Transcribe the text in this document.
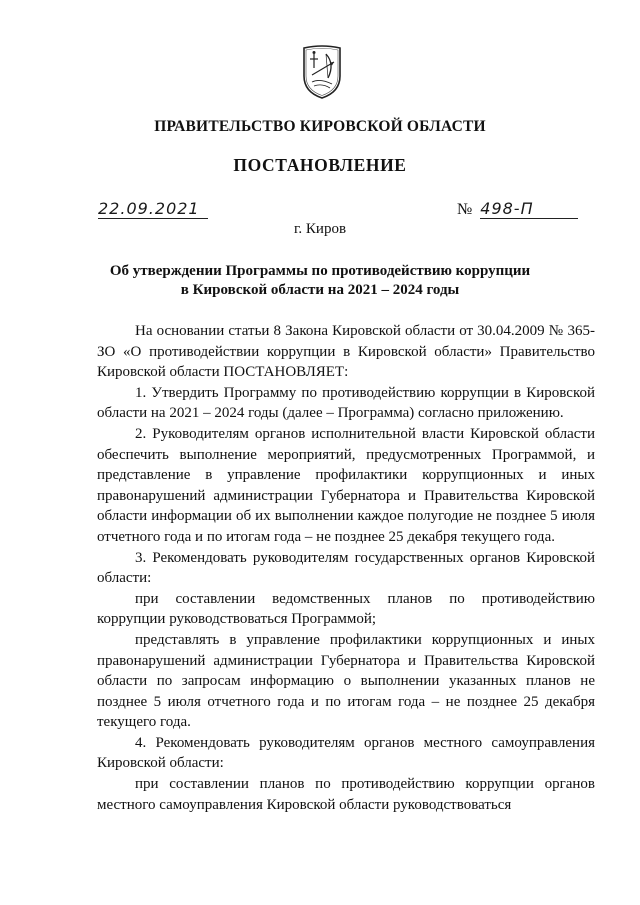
ПРАВИТЕЛЬСТВО КИРОВСКОЙ ОБЛАСТИ
ПОСТАНОВЛЕНИЕ
22.09.2021	№ 498-П
г. Киров
Об утверждении Программы по противодействию коррупции
в Кировской области на 2021 – 2024 годы

На основании статьи 8 Закона Кировской области от 30.04.2009 № 365-ЗО «О противодействии коррупции в Кировской области» Правительство Кировской области ПОСТАНОВЛЯЕТ:

1. Утвердить Программу по противодействию коррупции в Кировской области на 2021 – 2024 годы (далее – Программа) согласно приложению.

2. Руководителям органов исполнительной власти Кировской области обеспечить выполнение мероприятий, предусмотренных Программой, и представление в управление профилактики коррупционных и иных правонарушений администрации Губернатора и Правительства Кировской области информации об их выполнении каждое полугодие не позднее 5 июля отчетного года и по итогам года – не позднее 25 декабря текущего года.

3. Рекомендовать руководителям государственных органов Кировской области:

при составлении ведомственных планов по противодействию коррупции руководствоваться Программой;

представлять в управление профилактики коррупционных и иных правонарушений администрации Губернатора и Правительства Кировской области по запросам информацию о выполнении указанных планов не позднее 5 июля отчетного года и по итогам года – не позднее 25 декабря текущего года.

4. Рекомендовать руководителям органов местного самоуправления Кировской области:

при составлении планов по противодействию коррупции органов местного самоуправления Кировской области руководствоваться
